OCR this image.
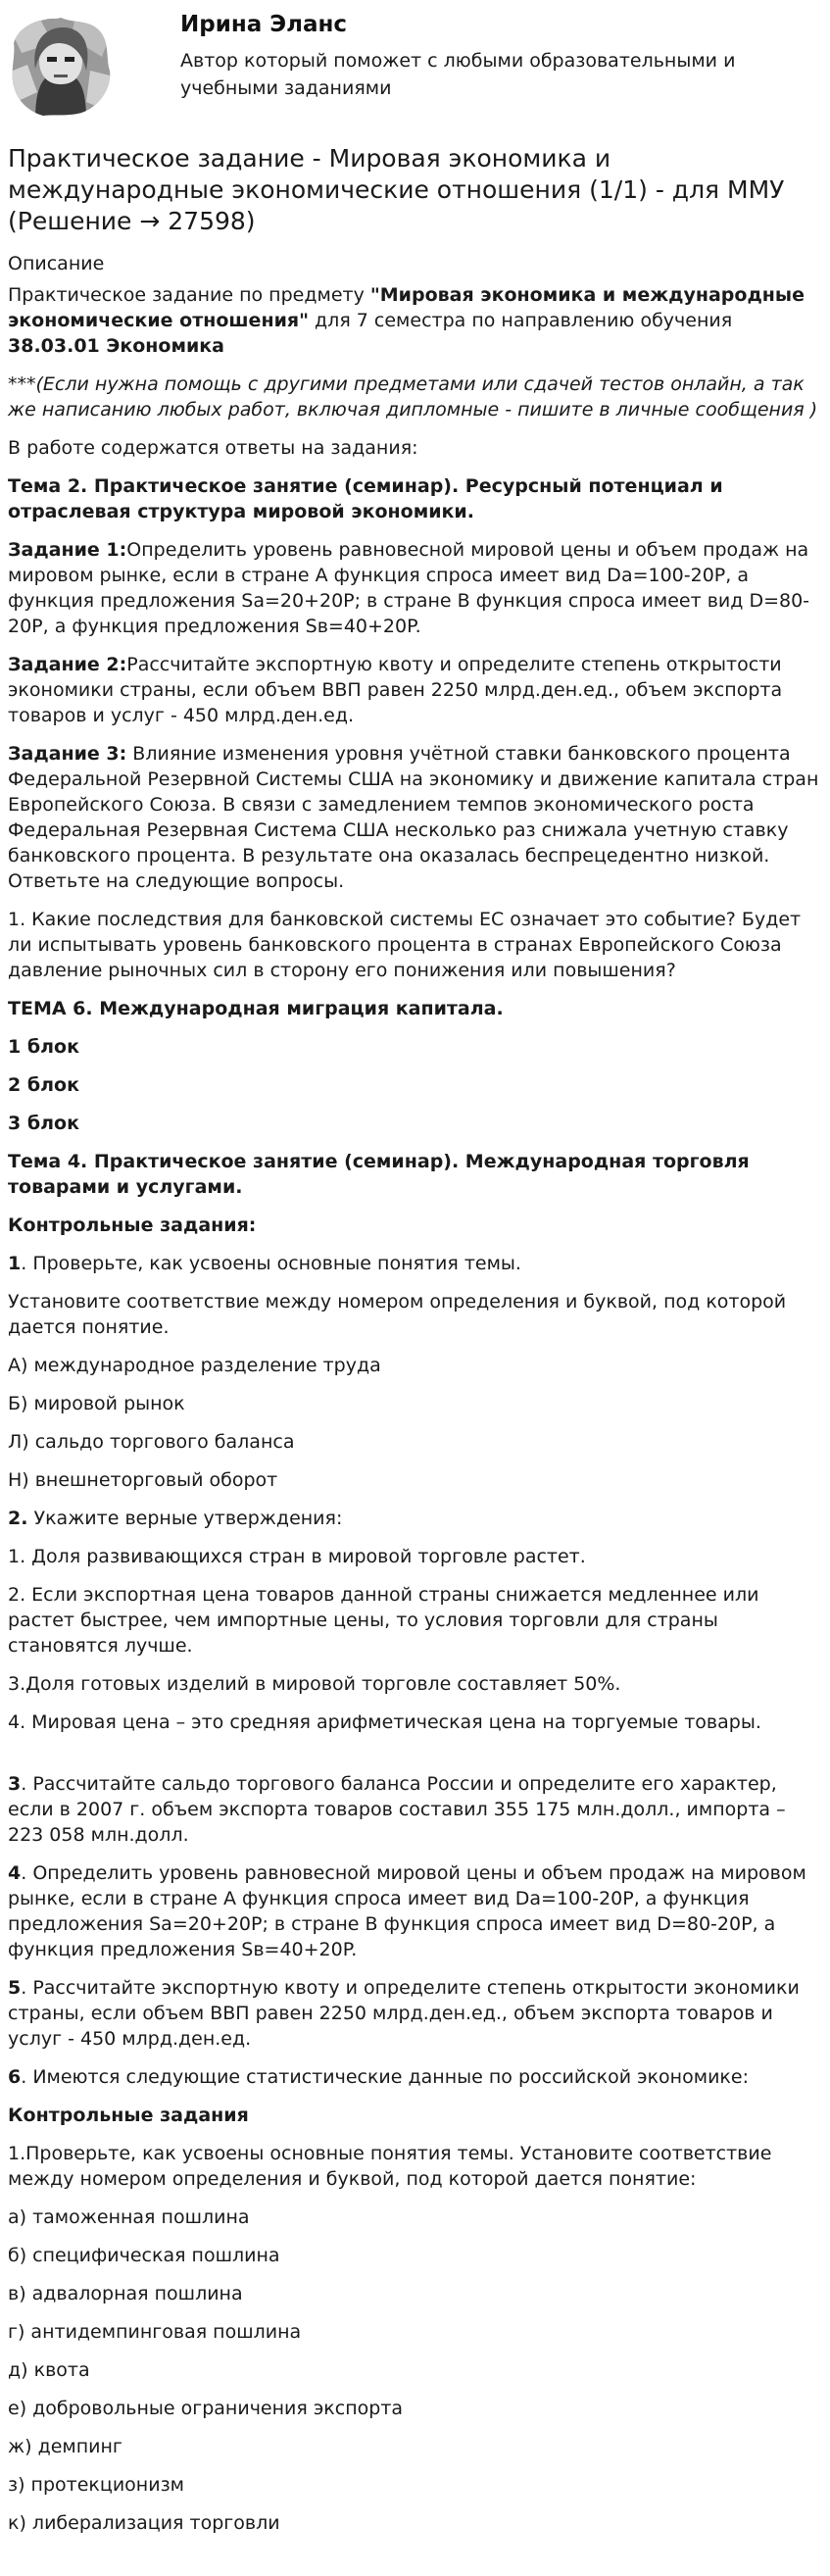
Ирина Эланс
Автор который поможет с любыми образовательными и учебными заданиями
Практическое задание - Мировая экономика и международные экономические отношения (1/1) - для ММУ (Решение → 27598)

Описание

Практическое задание по предмету "Мировая экономика и международные экономические отношения" для 7 семестра по направлению обучения 38.03.01 Экономика

***(Если нужна помощь с другими предметами или сдачей тестов онлайн, а так же написанию любых работ, включая дипломные - пишите в личные сообщения )

В работе содержатся ответы на задания:

Тема 2. Практическое занятие (семинар). Ресурсный потенциал и отраслевая структура мировой экономики.

Задание 1:Определить уровень равновесной мировой цены и объем продаж на мировом рынке, если в стране А функция спроса имеет вид Da=100-20P, а функция предложения Sa=20+20P; в стране В функция спроса имеет вид D=80-20P, а функция предложения Sв=40+20P.

Задание 2:Рассчитайте экспортную квоту и определите степень открытости экономики страны, если объем ВВП равен 2250 млрд.ден.ед., объем экспорта товаров и услуг - 450 млрд.ден.ед.

Задание 3: Влияние изменения уровня учётной ставки банковского процента Федеральной Резервной Системы США на экономику и движение капитала стран Европейского Союза. В связи с замедлением темпов экономического роста Федеральная Резервная Система США несколько раз снижала учетную ставку банковского процента. В результате она оказалась беспрецедентно низкой. Ответьте на следующие вопросы.

1. Какие последствия для банковской системы ЕС означает это событие? Будет ли испытывать уровень банковского процента в странах Европейского Союза давление рыночных сил в сторону его понижения или повышения?

ТЕМА 6. Международная миграция капитала.

1 блок

2 блок

3 блок

Тема 4. Практическое занятие (семинар). Международная торговля товарами и услугами.

Контрольные задания:

1. Проверьте, как усвоены основные понятия темы.

Установите соответствие между номером определения и буквой, под которой дается понятие.

А) международное разделение труда

Б) мировой рынок

Л) сальдо торгового баланса

Н) внешнеторговый оборот

2. Укажите верные утверждения:

1. Доля развивающихся стран в мировой торговле растет.

2. Если экспортная цена товаров данной страны снижается медленнее или растет быстрее, чем импортные цены, то условия торговли для страны становятся лучше.

3.Доля готовых изделий в мировой торговле составляет 50%.

4. Мировая цена – это средняя арифметическая цена на торгуемые товары.

3. Рассчитайте сальдо торгового баланса России и определите его характер, если в 2007 г. объем экспорта товаров составил 355 175 млн.долл., импорта – 223 058 млн.долл.

4. Определить уровень равновесной мировой цены и объем продаж на мировом рынке, если в стране А функция спроса имеет вид Da=100-20P, а функция предложения Sa=20+20P; в стране В функция спроса имеет вид D=80-20P, а функция предложения Sв=40+20P.

5. Рассчитайте экспортную квоту и определите степень открытости экономики страны, если объем ВВП равен 2250 млрд.ден.ед., объем экспорта товаров и услуг - 450 млрд.ден.ед.

6. Имеются следующие статистические данные по российской экономике:

Контрольные задания

1.Проверьте, как усвоены основные понятия темы. Установите соответствие между номером определения и буквой, под которой дается понятие:

а) таможенная пошлина

б) специфическая пошлина

в) адвалорная пошлина

г) антидемпинговая пошлина

д) квота

е) добровольные ограничения экспорта

ж) демпинг

з) протекционизм

к) либерализация торговли
